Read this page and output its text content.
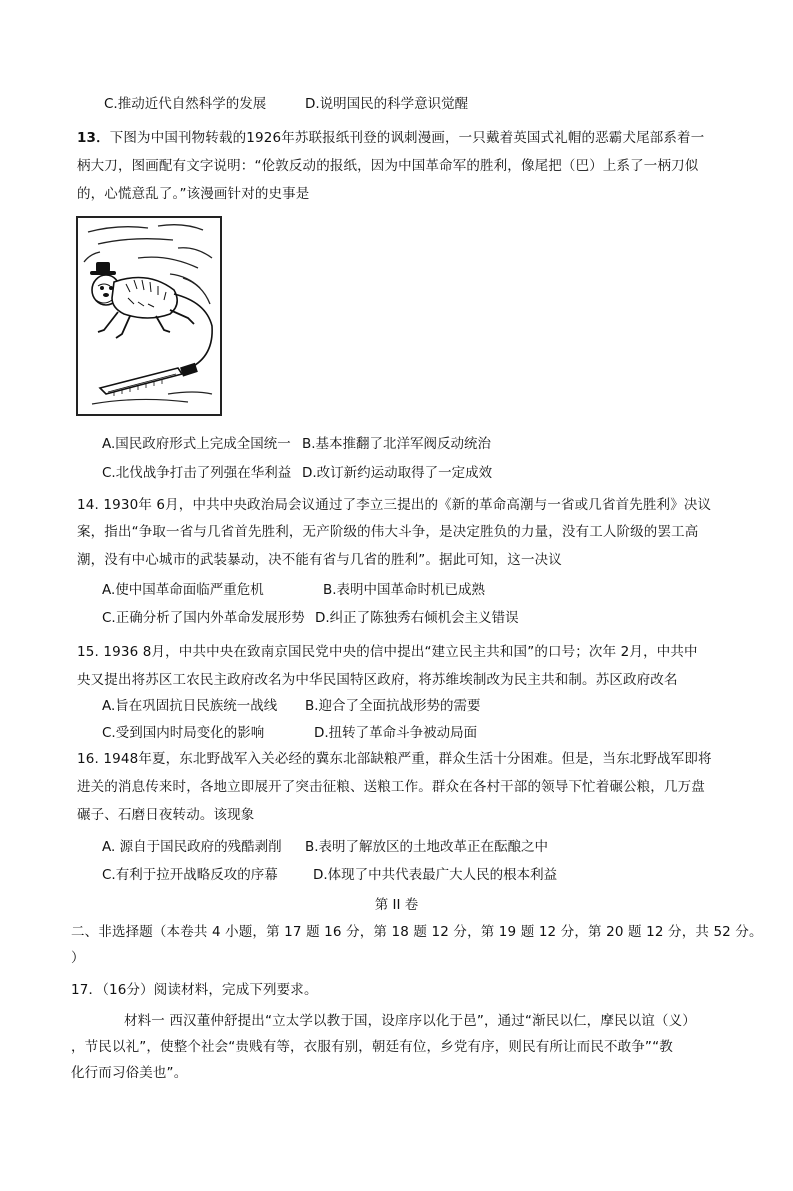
C.推动近代自然科学的发展	D.说明国民的科学意识觉醒
13．下图为中国刊物转载的1926年苏联报纸刊登的讽刺漫画，一只戴着英国式礼帽的恶霸犬尾部系着一
柄大刀，图画配有文字说明：“伦敦反动的报纸，因为中国革命军的胜利，像尾把（巴）上系了一柄刀似
的，心慌意乱了。”该漫画针对的史事是
A.国民政府形式上完成全国统一 B.基本推翻了北洋军阀反动统治
C.北伐战争打击了列强在华利益 D.改订新约运动取得了一定成效
14. 1930年 6月，中共中央政治局会议通过了李立三提出的《新的革命高潮与一省或几省首先胜利》决议
案，指出“争取一省与几省首先胜利，无产阶级的伟大斗争，是决定胜负的力量，没有工人阶级的罢工高
潮，没有中心城市的武装暴动，决不能有省与几省的胜利”。据此可知，这一决议
A.使中国革命面临严重危机	B.表明中国革命时机已成熟
C.正确分析了国内外革命发展形势 D.纠正了陈独秀右倾机会主义错误
15. 1936 8月，中共中央在致南京国民党中央的信中提出“建立民主共和国”的口号；次年 2月，中共中
央又提出将苏区工农民主政府改名为中华民国特区政府，将苏维埃制改为民主共和制。苏区政府改名
A.旨在巩固抗日民族统一战线 B.迎合了全面抗战形势的需要
C.受到国内时局变化的影响	D.扭转了革命斗争被动局面
16. 1948年夏，东北野战军入关必经的冀东北部缺粮严重，群众生活十分困难。但是，当东北野战军即将
进关的消息传来时，各地立即展开了突击征粮、送粮工作。群众在各村干部的领导下忙着碾公粮，几万盘
碾子、石磨日夜转动。该现象
A. 源自于国民政府的残酷剥削 B.表明了解放区的土地改革正在酝酿之中
C.有利于拉开战略反攻的序幕	D.体现了中共代表最广大人民的根本利益
第 II 卷
二、非选择题（本卷共 4 小题，第 17 题 16 分，第 18 题 12 分，第 19 题 12 分，第 20 题 12 分，共 52 分。
）
17．（16分）阅读材料，完成下列要求。
材料一 西汉董仲舒提出“立太学以教于国，设庠序以化于邑”，通过“渐民以仁，摩民以谊（义）
，节民以礼”，使整个社会“贵贱有等，衣服有别，朝廷有位，乡党有序，则民有所让而民不敢争”“教
化行而习俗美也”。
